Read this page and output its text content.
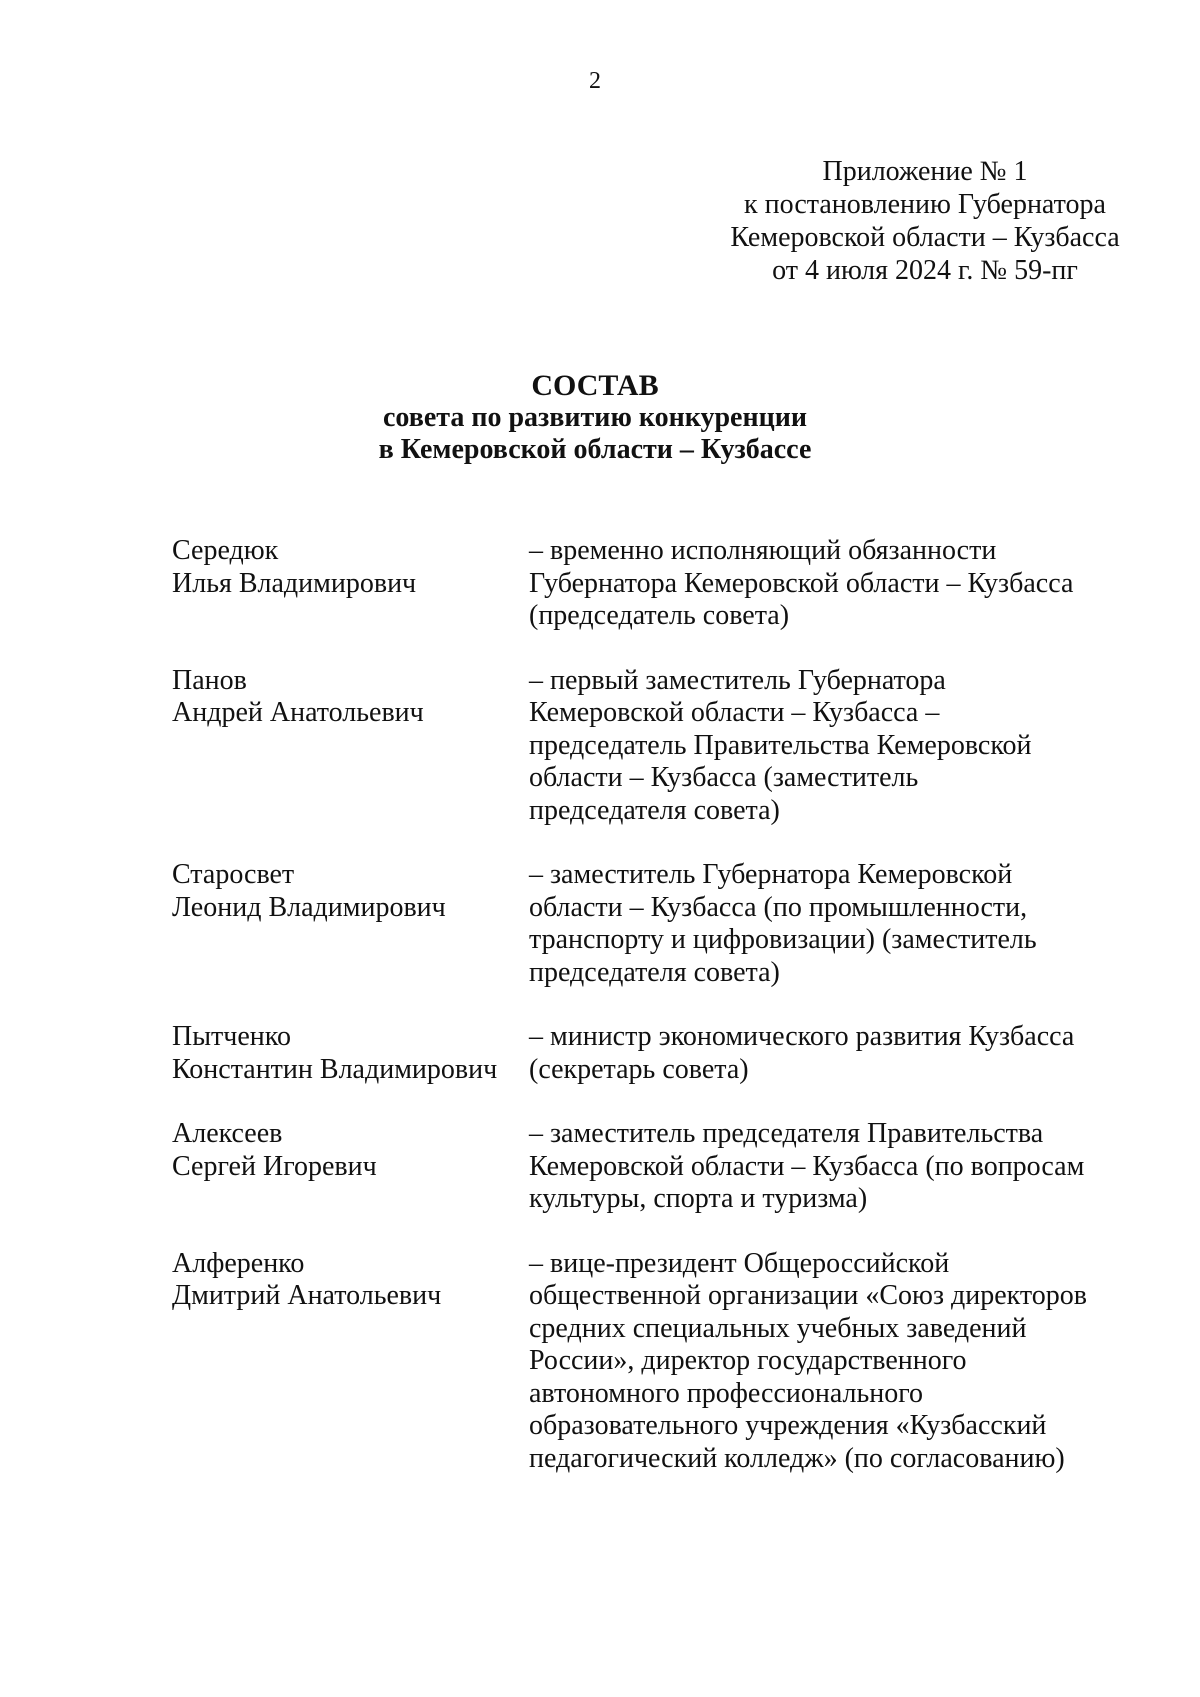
2
Приложение № 1
к постановлению Губернатора
Кемеровской области – Кузбасса
от 4 июля 2024 г. № 59-пг
СОСТАВ
совета по развитию конкуренции
в Кемеровской области – Кузбассе
Середюк
Илья Владимирович
– временно исполняющий обязанности
Губернатора Кемеровской области – Кузбасса
(председатель совета)
Панов
Андрей Анатольевич
– первый заместитель Губернатора
Кемеровской области – Кузбасса –
председатель Правительства Кемеровской
области – Кузбасса (заместитель
председателя совета)
Старосвет
Леонид Владимирович
– заместитель Губернатора Кемеровской
области – Кузбасса (по промышленности,
транспорту и цифровизации) (заместитель
председателя совета)
Пытченко
Константин Владимирович
– министр экономического развития Кузбасса
(секретарь совета)
Алексеев
Сергей Игоревич
– заместитель председателя Правительства
Кемеровской области – Кузбасса (по вопросам
культуры, спорта и туризма)
Алференко
Дмитрий Анатольевич
– вице-президент Общероссийской
общественной организации «Союз директоров
средних специальных учебных заведений
России», директор государственного
автономного профессионального
образовательного учреждения «Кузбасский
педагогический колледж» (по согласованию)
